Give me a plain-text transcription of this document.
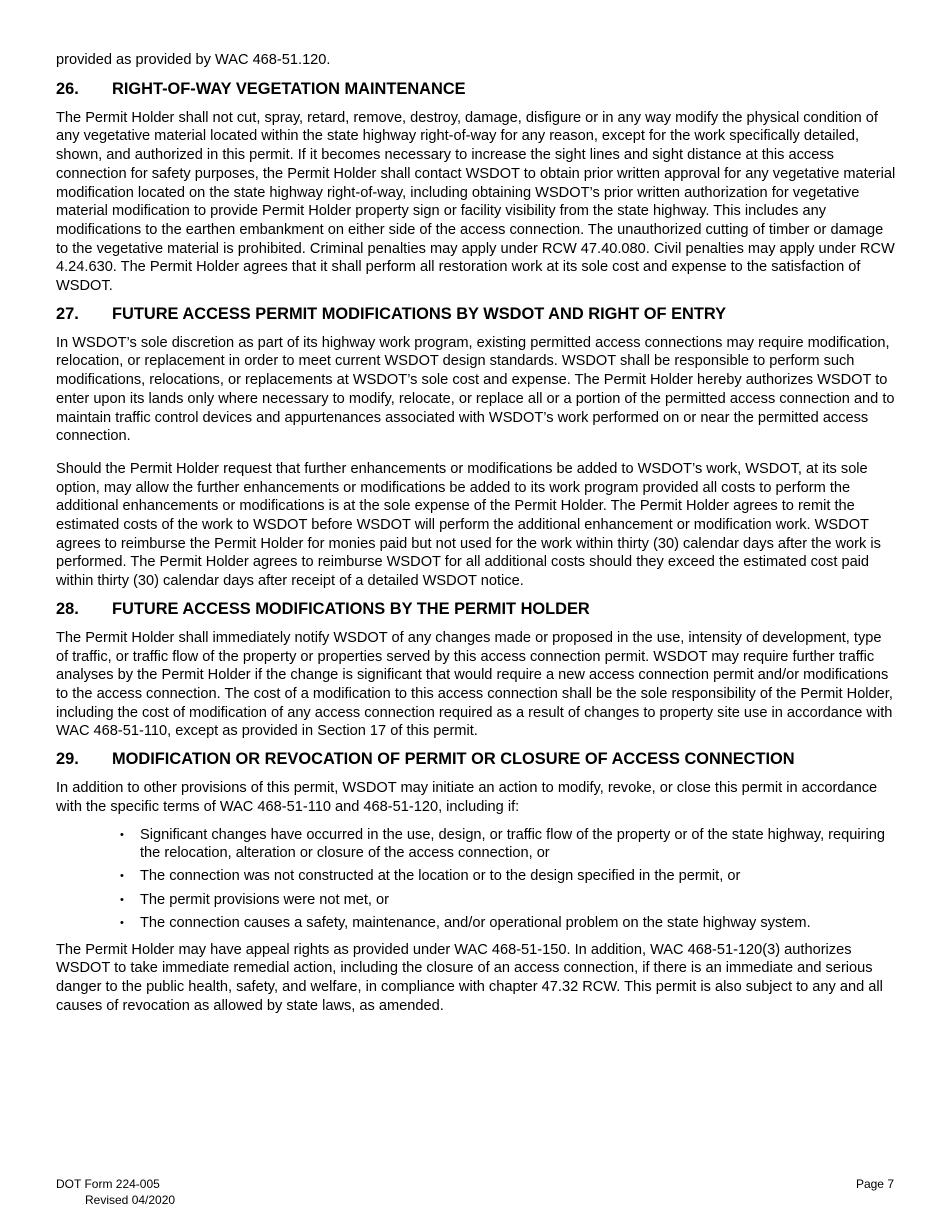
provided as provided by WAC 468-51.120.

26.	RIGHT-OF-WAY VEGETATION MAINTENANCE

The Permit Holder shall not cut, spray, retard, remove, destroy, damage, disfigure or in any way modify the physical condition of any vegetative material located within the state highway right-of-way for any reason, except for the work specifically detailed, shown, and authorized in this permit. If it becomes necessary to increase the sight lines and sight distance at this access connection for safety purposes, the Permit Holder shall contact WSDOT to obtain prior written approval for any vegetative material modification located on the state highway right-of-way, including obtaining WSDOT’s prior written authorization for vegetative material modification to provide Permit Holder property sign or facility visibility from the state highway. This includes any modifications to the earthen embankment on either side of the access connection. The unauthorized cutting of timber or damage to the vegetative material is prohibited. Criminal penalties may apply under RCW 47.40.080. Civil penalties may apply under RCW 4.24.630. The Permit Holder agrees that it shall perform all restoration work at its sole cost and expense to the satisfaction of WSDOT.

27.	FUTURE ACCESS PERMIT MODIFICATIONS BY WSDOT AND RIGHT OF ENTRY

In WSDOT’s sole discretion as part of its highway work program, existing permitted access connections may require modification, relocation, or replacement in order to meet current WSDOT design standards. WSDOT shall be responsible to perform such modifications, relocations, or replacements at WSDOT’s sole cost and expense. The Permit Holder hereby authorizes WSDOT to enter upon its lands only where necessary to modify, relocate, or replace all or a portion of the permitted access connection and to maintain traffic control devices and appurtenances associated with WSDOT’s work performed on or near the permitted access connection.

Should the Permit Holder request that further enhancements or modifications be added to WSDOT’s work, WSDOT, at its sole option, may allow the further enhancements or modifications be added to its work program provided all costs to perform the additional enhancements or modifications is at the sole expense of the Permit Holder. The Permit Holder agrees to remit the estimated costs of the work to WSDOT before WSDOT will perform the additional enhancement or modification work. WSDOT agrees to reimburse the Permit Holder for monies paid but not used for the work within thirty (30) calendar days after the work is performed. The Permit Holder agrees to reimburse WSDOT for all additional costs should they exceed the estimated cost paid within thirty (30) calendar days after receipt of a detailed WSDOT notice.

28.	FUTURE ACCESS MODIFICATIONS BY THE PERMIT HOLDER

The Permit Holder shall immediately notify WSDOT of any changes made or proposed in the use, intensity of development, type of traffic, or traffic flow of the property or properties served by this access connection permit. WSDOT may require further traffic analyses by the Permit Holder if the change is significant that would require a new access connection permit and/or modifications to the access connection. The cost of a modification to this access connection shall be the sole responsibility of the Permit Holder, including the cost of modification of any access connection required as a result of changes to property site use in accordance with WAC 468-51-110, except as provided in Section 17 of this permit.

29.	MODIFICATION OR REVOCATION OF PERMIT OR CLOSURE OF ACCESS CONNECTION

In addition to other provisions of this permit, WSDOT may initiate an action to modify, revoke, or close this permit in accordance with the specific terms of WAC 468-51-110 and 468-51-120, including if:

•	Significant changes have occurred in the use, design, or traffic flow of the property or of the state highway, requiring the relocation, alteration or closure of the access connection, or
•	The connection was not constructed at the location or to the design specified in the permit, or
•	The permit provisions were not met, or
•	The connection causes a safety, maintenance, and/or operational problem on the state highway system.

The Permit Holder may have appeal rights as provided under WAC 468-51-150. In addition, WAC 468-51-120(3) authorizes WSDOT to take immediate remedial action, including the closure of an access connection, if there is an immediate and serious danger to the public health, safety, and welfare, in compliance with chapter 47.32 RCW. This permit is also subject to any and all causes of revocation as allowed by state laws, as amended.

DOT Form 224-005
Revised 04/2020
Page 7
